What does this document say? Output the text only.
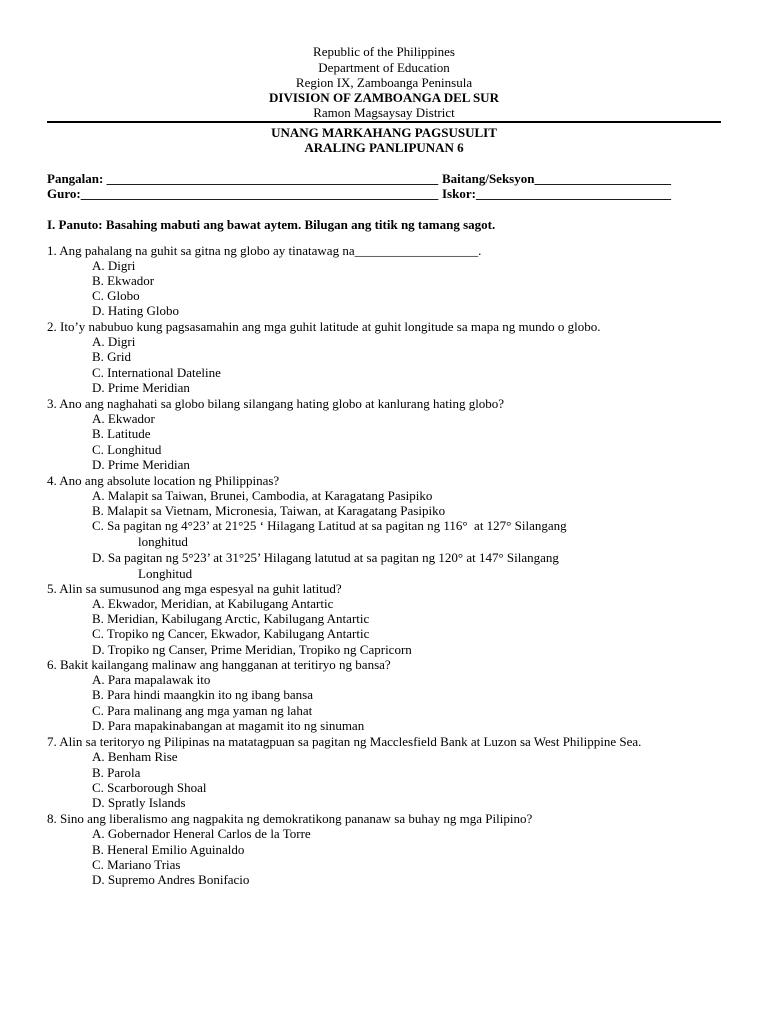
Republic of the Philippines
Department of Education
Region IX, Zamboanga Peninsula
DIVISION OF ZAMBOANGA DEL SUR
Ramon Magsaysay District
UNANG MARKAHANG PAGSUSULIT
ARALING PANLIPUNAN 6
Pangalan: ___________________________________________________ Baitang/Seksyon_____________________
Guro:_______________________________________________________ Iskor:______________________________
I. Panuto: Basahing mabuti ang bawat aytem. Bilugan ang titik ng tamang sagot.
1. Ang pahalang na guhit sa gitna ng globo ay tinatawag na___________________.
A. Digri
B. Ekwador
C. Globo
D. Hating Globo
2. Ito’y nabubuo kung pagsasamahin ang mga guhit latitude at guhit longitude sa mapa ng mundo o globo.
A. Digri
B. Grid
C. International Dateline
D. Prime Meridian
3. Ano ang naghahati sa globo bilang silangang hating globo at kanlurang hating globo?
A. Ekwador
B. Latitude
C. Longhitud
D. Prime Meridian
4. Ano ang absolute location ng Philippinas?
A. Malapit sa Taiwan, Brunei, Cambodia, at Karagatang Pasipiko
B. Malapit sa Vietnam, Micronesia, Taiwan, at Karagatang Pasipiko
C. Sa pagitan ng 4°23’ at 21°25 ‘ Hilagang Latitud at sa pagitan ng 116°  at 127° Silangang
longhitud
D. Sa pagitan ng 5°23’ at 31°25’ Hilagang latutud at sa pagitan ng 120° at 147° Silangang
Longhitud
5. Alin sa sumusunod ang mga espesyal na guhit latitud?
A. Ekwador, Meridian, at Kabilugang Antartic
B. Meridian, Kabilugang Arctic, Kabilugang Antartic
C. Tropiko ng Cancer, Ekwador, Kabilugang Antartic
D. Tropiko ng Canser, Prime Meridian, Tropiko ng Capricorn
6. Bakit kailangang malinaw ang hangganan at teritiryo ng bansa?
A. Para mapalawak ito
B. Para hindi maangkin ito ng ibang bansa
C. Para malinang ang mga yaman ng lahat
D. Para mapakinabangan at magamit ito ng sinuman
7. Alin sa teritoryo ng Pilipinas na matatagpuan sa pagitan ng Macclesfield Bank at Luzon sa West Philippine Sea.
A. Benham Rise
B. Parola
C. Scarborough Shoal
D. Spratly Islands
8. Sino ang liberalismo ang nagpakita ng demokratikong pananaw sa buhay ng mga Pilipino?
A. Gobernador Heneral Carlos de la Torre
B. Heneral Emilio Aguinaldo
C. Mariano Trias
D. Supremo Andres Bonifacio
